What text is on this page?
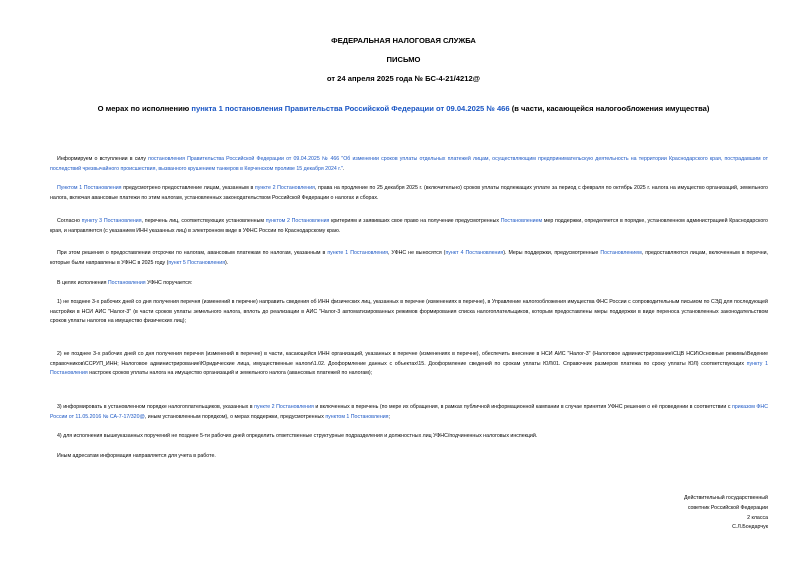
ФЕДЕРАЛЬНАЯ НАЛОГОВАЯ СЛУЖБА
ПИСЬМО
от 24 апреля 2025 года № БС-4-21/4212@
О мерах по исполнению пункта 1 постановления Правительства Российской Федерации от 09.04.2025 № 466 (в части, касающейся налогообложения имущества)
Информируем о вступлении в силу постановления Правительства Российской Федерации от 09.04.2025 № 466 "Об изменении сроков уплаты отдельных платежей лицам, осуществляющим предпринимательскую деятельность на территории Краснодарского края, пострадавшим от последствий чрезвычайного происшествия, вызванного крушением танкеров в Керченском проливе 15 декабря 2024 г.".
Пунктом 1 Постановления предусмотрено предоставление лицам, указанным в пункте 2 Постановления, права на продление по 25 декабря 2025 г. (включительно) сроков уплаты подлежащих уплате за период с февраля по октябрь 2025 г. налога на имущество организаций, земельного налога, включая авансовые платежи по этим налогам, установленных законодательством Российской Федерации о налогах и сборах.
Согласно пункту 3 Постановления, перечень лиц, соответствующих установленным пунктом 2 Постановления критериям и заявивших свое право на получение предусмотренных Постановлением мер поддержки, определяется в порядке, установленном администрацией Краснодарского края, и направляется (с указанием ИНН указанных лиц) в электронном виде в УФНС России по Краснодарскому краю.
При этом решения о предоставлении отсрочки по налогам, авансовым платежам по налогам, указанным в пункте 1 Постановления, УФНС не выносятся (пункт 4 Постановления). Меры поддержки, предусмотренные Постановлением, предоставляются лицам, включенным в перечни, которые были направлены в УФНС в 2025 году (пункт 5 Постановления).
В целях исполнения Постановления УФНС поручается:
1) не позднее 3-х рабочих дней со дня получения перечня (изменений в перечне) направить сведения об ИНН физических лиц, указанных в перечне (изменениях в перечне), в Управление налогообложения имущества ФНС России с сопроводительным письмом по СЭД для последующей настройки в НСИ АИС "Налог-3" (в части сроков уплаты земельного налога, вплоть до реализации в АИС "Налог-3 автоматизированных режимов формирования списка налогоплательщиков, которым предоставлены меры поддержки в виде переноса установленных законодательством сроков уплаты налогов на имущество физических лиц);
2) не позднее 3-х рабочих дней со дня получения перечня (изменений в перечне) в части, касающейся ИНН организаций, указанных в перечне (изменениях в перечне), обеспечить внесение в НСИ АИС "Налог-3" (Налоговое администрирование\СЦВ НСИ\Основные режимы\Ведение справочников\ССРУП_ИНН; Налоговое администрирование\Юридические лица, имущественные налоги\1.02. Дооформление данных с объектах\15. Дооформление сведений по срокам уплаты ЮЛ\01. Справочник размеров платежа по сроку уплаты ЮЛ) соответствующих пункту 1 Постановления настроек сроков уплаты налога на имущество организаций и земельного налога (авансовых платежей по налогам);
3) информировать в установленном порядке налогоплательщиков, указанных в пункте 2 Постановления и включенных в перечень (по мере их обращения, в рамках публичной информационной кампании в случае принятия УФНС решения о её проведении в соответствии с приказом ФНС России от 11.05.2016 № СА-7-17/320@, иным установленным порядком), о мерах поддержки, предусмотренных пунктом 1 Постановления;
4) для исполнения вышеуказанных поручений не позднее 5-ти рабочих дней определить ответственные структурные подразделения и должностных лиц УФНС/подчиненных налоговых инспекций.
Иным адресатам информация направляется для учета в работе.
Действительный государственный
советник Российской Федерации
2 класса
С.Л.Бондарчук
